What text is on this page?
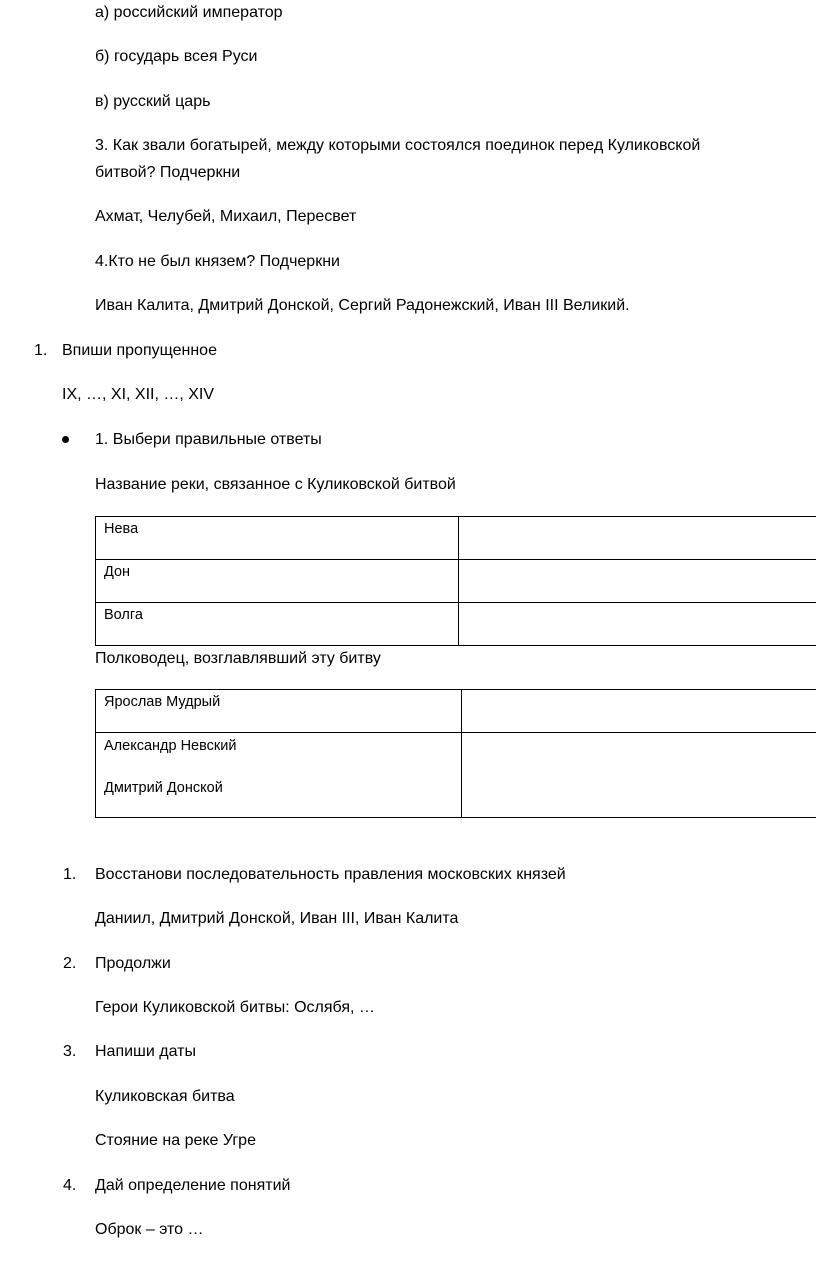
а) российский император
б) государь всея Руси
в) русский царь
3. Как звали богатырей, между которыми состоялся поединок перед Куликовской
битвой? Подчеркни
Ахмат, Челубей, Михаил, Пересвет
4.Кто не был князем? Подчеркни
Иван Калита, Дмитрий Донской, Сергий Радонежский, Иван III Великий.
1. Впиши пропущенное
IX, …, XI, XII, …, XIV
1. Выбери правильные ответы
Название реки, связанное с Куликовской битвой
Нева	
Дон	
Волга	
Полководец, возглавлявший эту битву
Ярослав Мудрый	

Александр Невский
Дмитрий Донской	

1. Восстанови последовательность правления московских князей
Даниил, Дмитрий Донской, Иван III, Иван Калита
2. Продолжи
Герои Куликовской битвы: Ослябя, …
3. Напиши даты
Куликовская битва
Стояние на реке Угре
4. Дай определение понятий
Оброк – это …
